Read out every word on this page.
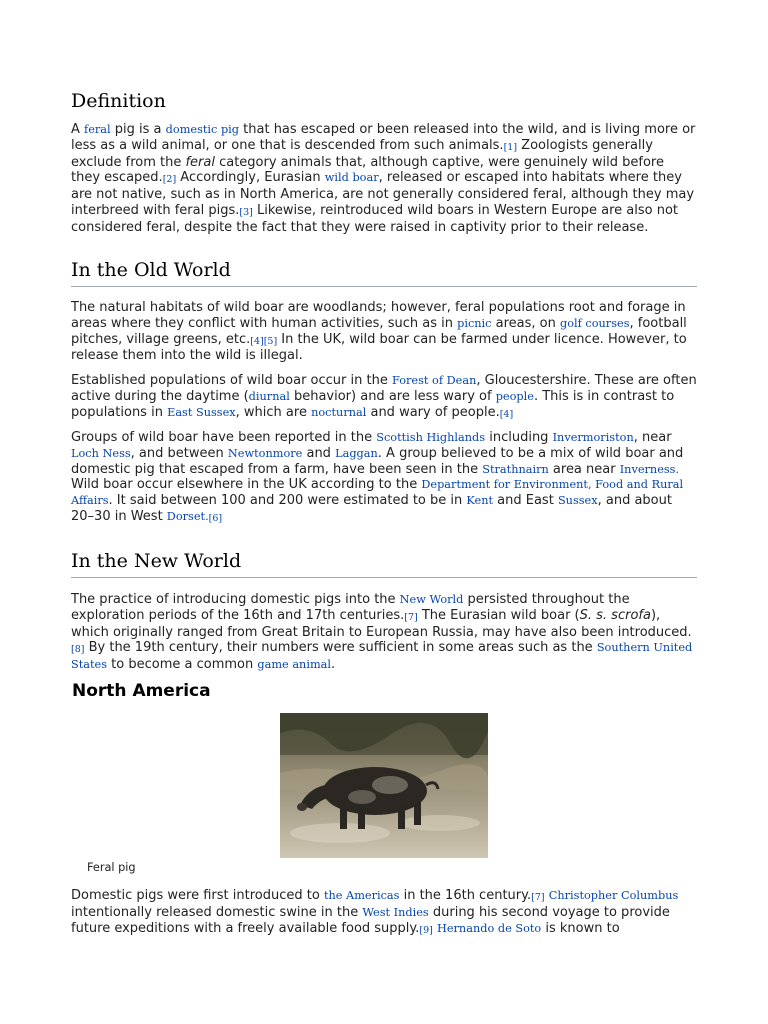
Definition

A feral pig is a domestic pig that has escaped or been released into the wild, and is living more or less as a wild animal, or one that is descended from such animals.[1] Zoologists generally exclude from the feral category animals that, although captive, were genuinely wild before they escaped.[2] Accordingly, Eurasian wild boar, released or escaped into habitats where they are not native, such as in North America, are not generally considered feral, although they may interbreed with feral pigs.[3] Likewise, reintroduced wild boars in Western Europe are also not considered feral, despite the fact that they were raised in captivity prior to their release.

In the Old World

The natural habitats of wild boar are woodlands; however, feral populations root and forage in areas where they conflict with human activities, such as in picnic areas, on golf courses, football pitches, village greens, etc.[4][5] In the UK, wild boar can be farmed under licence. However, to release them into the wild is illegal.

Established populations of wild boar occur in the Forest of Dean, Gloucestershire. These are often active during the daytime (diurnal behavior) and are less wary of people. This is in contrast to populations in East Sussex, which are nocturnal and wary of people.[4]

Groups of wild boar have been reported in the Scottish Highlands including Invermoriston, near Loch Ness, and between Newtonmore and Laggan. A group believed to be a mix of wild boar and domestic pig that escaped from a farm, have been seen in the Strathnairn area near Inverness. Wild boar occur elsewhere in the UK according to the Department for Environment, Food and Rural Affairs. It said between 100 and 200 were estimated to be in Kent and East Sussex, and about 20–30 in West Dorset.[6]

In the New World

The practice of introducing domestic pigs into the New World persisted throughout the exploration periods of the 16th and 17th centuries.[7] The Eurasian wild boar (S. s. scrofa), which originally ranged from Great Britain to European Russia, may have also been introduced.[8] By the 19th century, their numbers were sufficient in some areas such as the Southern United States to become a common game animal.

North America
Feral pig

Domestic pigs were first introduced to the Americas in the 16th century.[7] Christopher Columbus intentionally released domestic swine in the West Indies during his second voyage to provide future expeditions with a freely available food supply.[9] Hernando de Soto is known to
